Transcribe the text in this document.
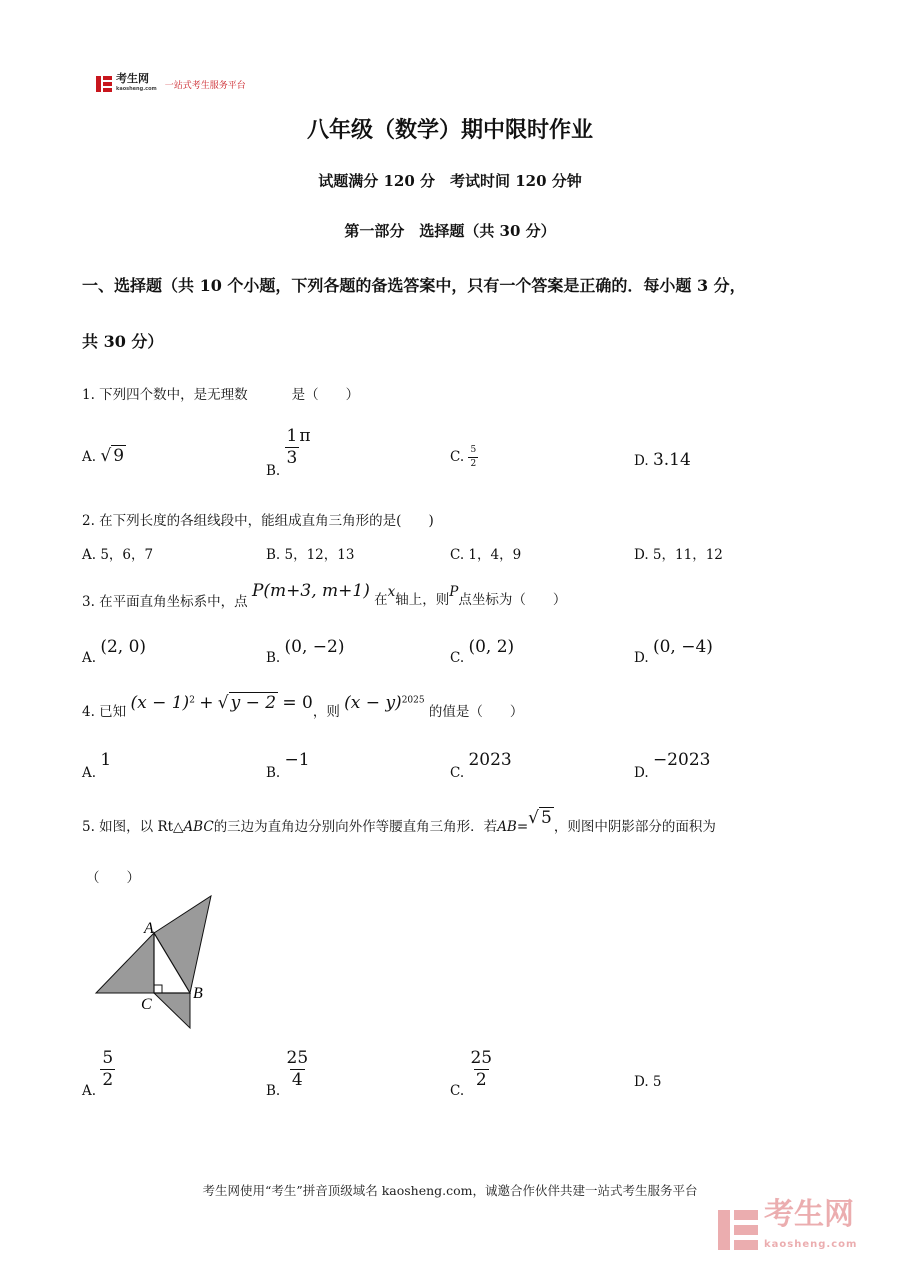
考生网
kaosheng.com 一站式考生服务平台
八年级（数学）期中限时作业
试题满分 120 分　考试时间 120 分钟
第一部分　选择题（共 30 分）
一、选择题（共 10 个小题，下列各题的备选答案中，只有一个答案是正确的．每小题 3 分，
共 30 分）
1. 下列四个数中，是无理数	是（　　）
A. √ 9
B.
$\frac{1}{3}$ π
C. $\frac{5}{2}$	D. 3.14
2. 在下列长度的各组线段中，能组成直角三角形的是(　　)
A. 5，6，7	B. 5，12，13	C. 1，4，9	D. 5，11，12
3. 在平面直角坐标系中，点 P(m+3, m+1) 在x轴上，则P点坐标为（　　）
A. (2, 0)
B. (0, −2)
C. (0, 2)
D. (0, −4)
4. 已知 $(x - 1)^2$ + √ y − 2 = 0，则 $(x - y)^{2025}$ 的值是（　　）
A. 1
B. −1
C. 2023
D. −2023
5. 如图，以 Rt△ABC的三边为直角边分别向外作等腰直角三角形．若AB=√ 5 ，则图中阴影部分的面积为
（　　）
A
B
C
A.
$\frac{5}{2}$
B.
$\frac{25}{4}$
C.
$\frac{25}{2}$	D. 5
考生网使用“考生”拼音顶级域名 kaosheng.com，诚邀合作伙伴共建一站式考生服务平台
考生网
kaosheng.com
